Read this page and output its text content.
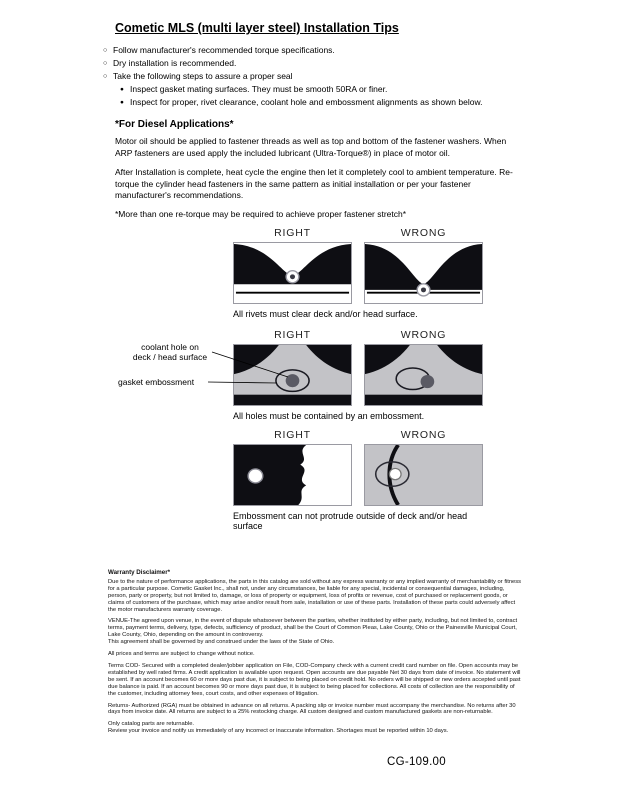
Cometic MLS (multi layer steel) Installation Tips
○ Follow manufacturer's recommended torque specifications.
○ Dry installation is recommended.
○ Take the following steps to assure a proper seal
● Inspect gasket mating surfaces. They must be smooth 50RA or finer.
● Inspect for proper, rivet clearance, coolant hole and embossment alignments as shown below.
*For Diesel Applications*

Motor oil should be applied to fastener threads as well as top and bottom of the fastener washers. When ARP fasteners are used apply the included lubricant (Ultra-Torque®) in place of motor oil.

After Installation is complete, heat cycle the engine then let it completely cool to ambient temperature. Re-torque the cylinder head fasteners in the same pattern as initial installation or per your fastener manufacturer's recommendations.

*More than one re-torque may be required to achieve proper fastener stretch*

RIGHT	WRONG
All rivets must clear deck and/or head surface.
RIGHT	WRONG
All holes must be contained by an embossment.
coolant hole on
deck / head surface
gasket embossment
RIGHT	WRONG
Embossment can not protrude outside of deck and/or head surface
Warranty Disclaimer*

Due to the nature of performance applications, the parts in this catalog are sold without any express warranty or any implied warranty of merchantability or fitness for a particular purpose. Cometic Gasket Inc., shall not, under any circumstances, be liable for any special, incidental or consequential damages, including, person, party or property, but not limited to, damage, or loss of property or equipment, loss of profits or revenue, cost of purchased or replacement goods, or claims of customers of the purchase, which may arise and/or result from sale, installation or use of these parts. Installation of these parts could adversely affect the motor manufacturers warranty coverage.

VENUE-The agreed upon venue, in the event of dispute whatsoever between the parties, whether instituted by either party, including, but not limited to, contract terms, payment terms, delivery, type, defects, sufficiency of product, shall be the Court of Common Pleas, Lake County, Ohio or the Painesville Municipal Court, Lake County, Ohio, depending on the amount in controversy.

This agreement shall be governed by and construed under the laws of the State of Ohio.

All prices and terms are subject to change without notice.

Terms COD- Secured with a completed dealer/jobber application on File, COD-Company check with a current credit card number on file. Open accounts may be established by well rated firms. A credit application is available upon request. Open accounts are due payable Net 30 days from date of invoice. No statement will be sent. If an account becomes 60 or more days past due, it is subject to being placed on credit hold. No orders will be shipped or new orders accepted until past due balance is paid. If an account becomes 90 or more days past due, it is subject to being placed for collections. All costs of collection are the responsibility of the customer, including attorney fees, court costs, and other expenses of litigation.

Returns- Authorized (RGA) must be obtained in advance on all returns. A packing slip or invoice number must accompany the merchandise. No returns after 30 days from invoice date. All returns are subject to a 25% restocking charge. All custom designed and custom manufactured gaskets are non-returnable.

Only catalog parts are returnable.

Review your invoice and notify us immediately of any incorrect or inaccurate information. Shortages must be reported within 10 days.

CG-109.00
